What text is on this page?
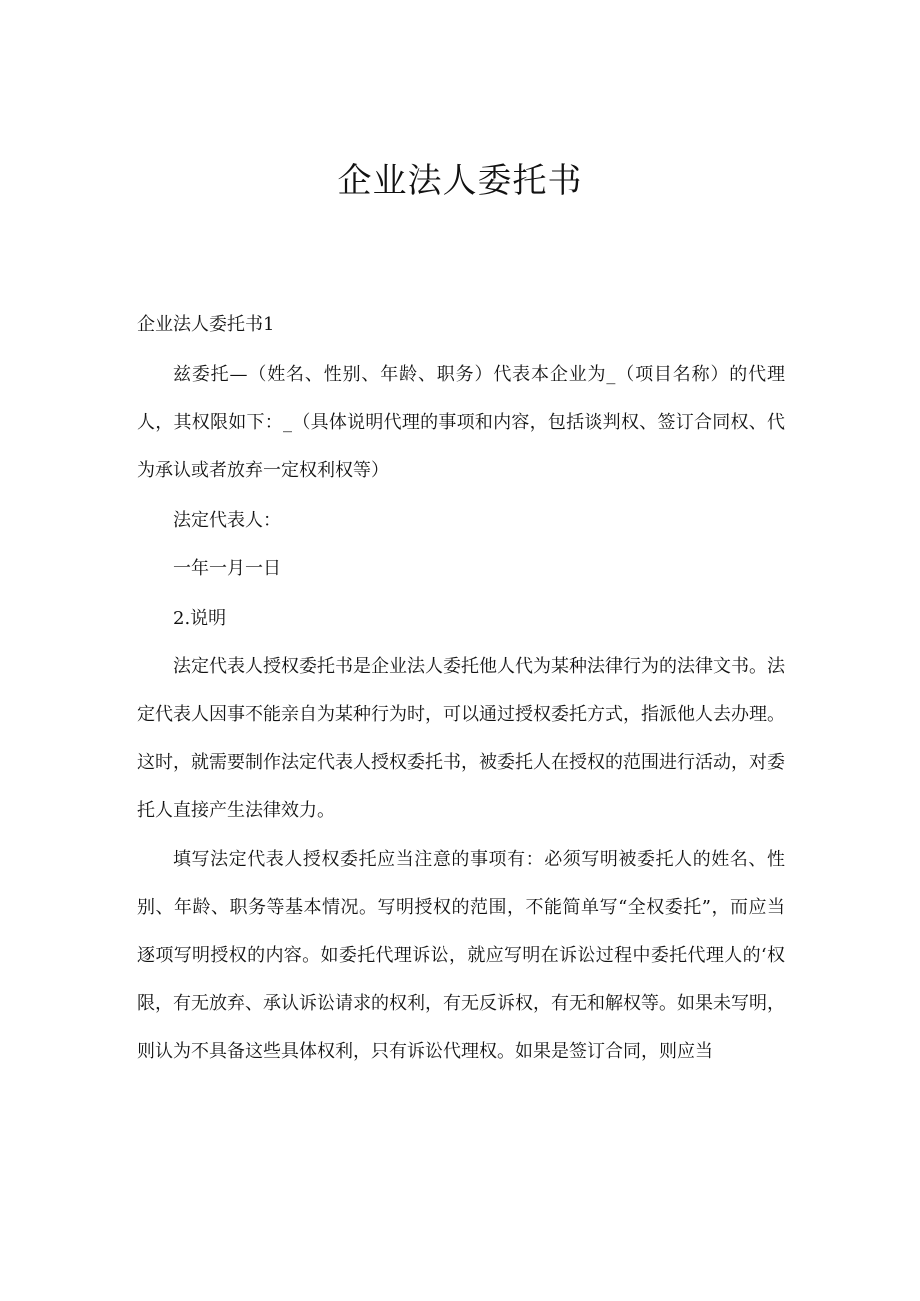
企业法人委托书

企业法人委托书1

兹委托—（姓名、性别、年龄、职务）代表本企业为_（项目名称）的代理人，其权限如下：_（具体说明代理的事项和内容，包括谈判权、签订合同权、代为承认或者放弃一定权利权等）

法定代表人：

一年一月一日

2.说明

法定代表人授权委托书是企业法人委托他人代为某种法律行为的法律文书。法定代表人因事不能亲自为某种行为时，可以通过授权委托方式，指派他人去办理。这时，就需要制作法定代表人授权委托书，被委托人在授权的范围进行活动，对委托人直接产生法律效力。

填写法定代表人授权委托应当注意的事项有：必须写明被委托人的姓名、性别、年龄、职务等基本情况。写明授权的范围，不能简单写“全权委托”，而应当逐项写明授权的内容。如委托代理诉讼，就应写明在诉讼过程中委托代理人的‘权限，有无放弃、承认诉讼请求的权利，有无反诉权，有无和解权等。如果未写明，则认为不具备这些具体权利，只有诉讼代理权。如果是签订合同，则应当
